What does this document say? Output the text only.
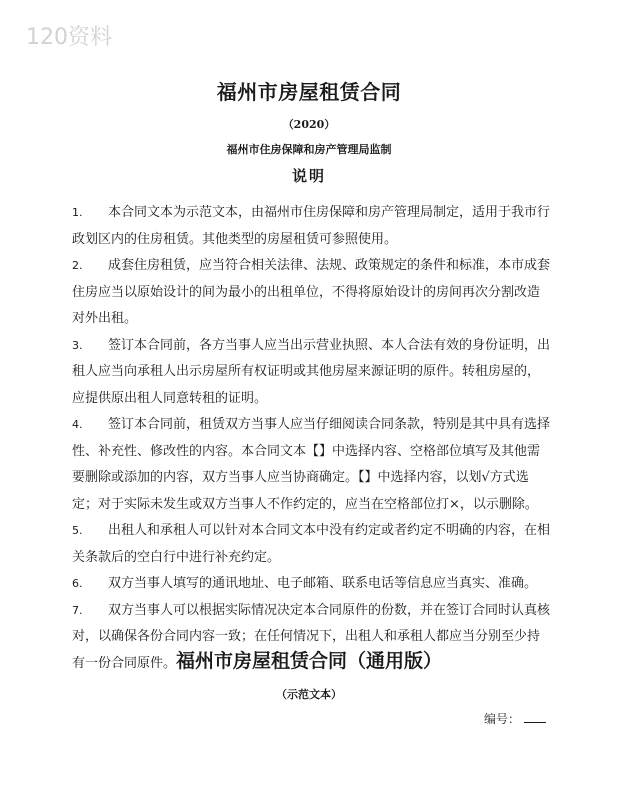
120资料
福州市房屋租赁合同
（2020）
福州市住房保障和房产管理局监制
说明
1. 本合同文本为示范文本，由福州市住房保障和房产管理局制定，适用于我市行政划区内的住房租赁。其他类型的房屋租赁可参照使用。
2. 成套住房租赁，应当符合相关法律、法规、政策规定的条件和标准，本市成套住房应当以原始设计的间为最小的出租单位，不得将原始设计的房间再次分割改造对外出租。
3. 签订本合同前，各方当事人应当出示营业执照、本人合法有效的身份证明，出租人应当向承租人出示房屋所有权证明或其他房屋来源证明的原件。转租房屋的，应提供原出租人同意转租的证明。
4. 签订本合同前，租赁双方当事人应当仔细阅读合同条款，特别是其中具有选择性、补充性、修改性的内容。本合同文本【】中选择内容、空格部位填写及其他需要删除或添加的内容，双方当事人应当协商确定。【】中选择内容，以划√方式选定；对于实际未发生或双方当事人不作约定的，应当在空格部位打×，以示删除。
5. 出租人和承租人可以针对本合同文本中没有约定或者约定不明确的内容，在相关条款后的空白行中进行补充约定。
6. 双方当事人填写的通讯地址、电子邮箱、联系电话等信息应当真实、准确。
7. 双方当事人可以根据实际情况决定本合同原件的份数，并在签订合同时认真核对，以确保各份合同内容一致；在任何情况下，出租人和承租人都应当分别至少持有一份合同原件。 福州市房屋租赁合同（通用版）
（示范文本）
编号：
